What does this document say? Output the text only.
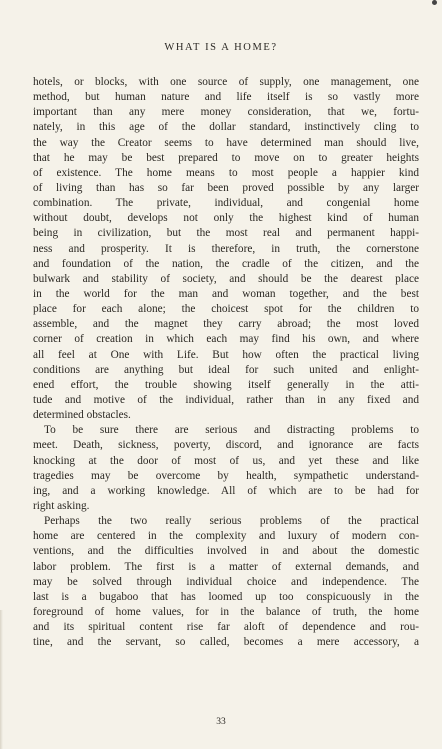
WHAT IS A HOME?
hotels, or blocks, with one source of supply, one management, one
method, but human nature and life itself is so vastly more
important than any mere money consideration, that we, fortu-
nately, in this age of the dollar standard, instinctively cling to
the way the Creator seems to have determined man should live,
that he may be best prepared to move on to greater heights
of existence. The home means to most people a happier kind
of living than has so far been proved possible by any larger
combination. The private, individual, and congenial home
without doubt, develops not only the highest kind of human
being in civilization, but the most real and permanent happi-
ness and prosperity. It is therefore, in truth, the cornerstone
and foundation of the nation, the cradle of the citizen, and the
bulwark and stability of society, and should be the dearest place
in the world for the man and woman together, and the best
place for each alone; the choicest spot for the children to
assemble, and the magnet they carry abroad; the most loved
corner of creation in which each may find his own, and where
all feel at One with Life. But how often the practical living
conditions are anything but ideal for such united and enlight-
ened effort, the trouble showing itself generally in the atti-
tude and motive of the individual, rather than in any fixed and
determined obstacles.
To be sure there are serious and distracting problems to
meet. Death, sickness, poverty, discord, and ignorance are facts
knocking at the door of most of us, and yet these and like
tragedies may be overcome by health, sympathetic understand-
ing, and a working knowledge. All of which are to be had for
right asking.
Perhaps the two really serious problems of the practical
home are centered in the complexity and luxury of modern con-
ventions, and the difficulties involved in and about the domestic
labor problem. The first is a matter of external demands, and
may be solved through individual choice and independence. The
last is a bugaboo that has loomed up too conspicuously in the
foreground of home values, for in the balance of truth, the home
and its spiritual content rise far aloft of dependence and rou-
tine, and the servant, so called, becomes a mere accessory, a
33
